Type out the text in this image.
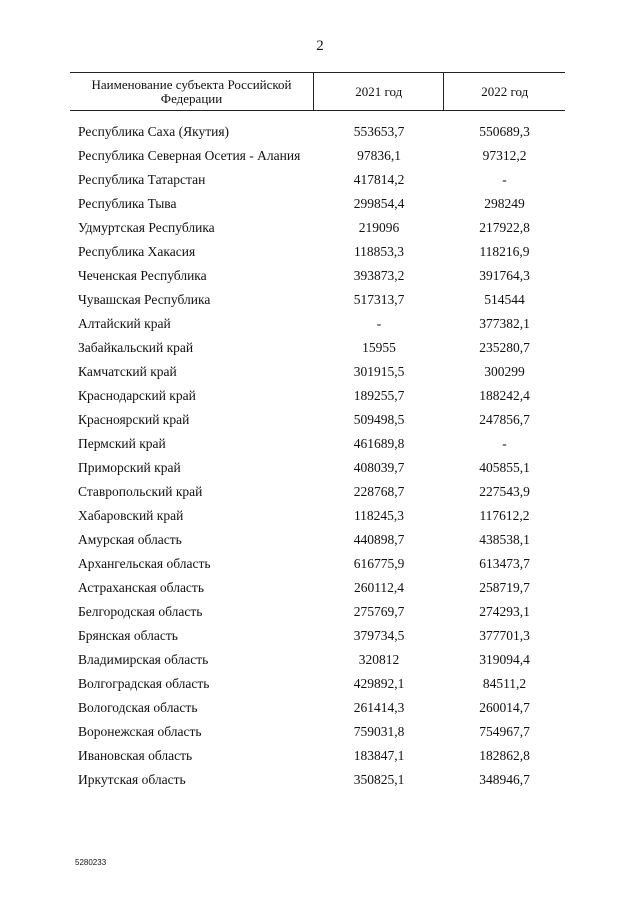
2
Наименование субъекта Российской Федерации	2021 год	2022 год
Республика Саха (Якутия)	553653,7	550689,3
Республика Северная Осетия - Алания	97836,1	97312,2
Республика Татарстан	417814,2	-
Республика Тыва	299854,4	298249
Удмуртская Республика	219096	217922,8
Республика Хакасия	118853,3	118216,9
Чеченская Республика	393873,2	391764,3
Чувашская Республика	517313,7	514544
Алтайский край	-	377382,1
Забайкальский край	15955	235280,7
Камчатский край	301915,5	300299
Краснодарский край	189255,7	188242,4
Красноярский край	509498,5	247856,7
Пермский край	461689,8	-
Приморский край	408039,7	405855,1
Ставропольский край	228768,7	227543,9
Хабаровский край	118245,3	117612,2
Амурская область	440898,7	438538,1
Архангельская область	616775,9	613473,7
Астраханская область	260112,4	258719,7
Белгородская область	275769,7	274293,1
Брянская область	379734,5	377701,3
Владимирская область	320812	319094,4
Волгоградская область	429892,1	84511,2
Вологодская область	261414,3	260014,7
Воронежская область	759031,8	754967,7
Ивановская область	183847,1	182862,8
Иркутская область	350825,1	348946,7
5280233
